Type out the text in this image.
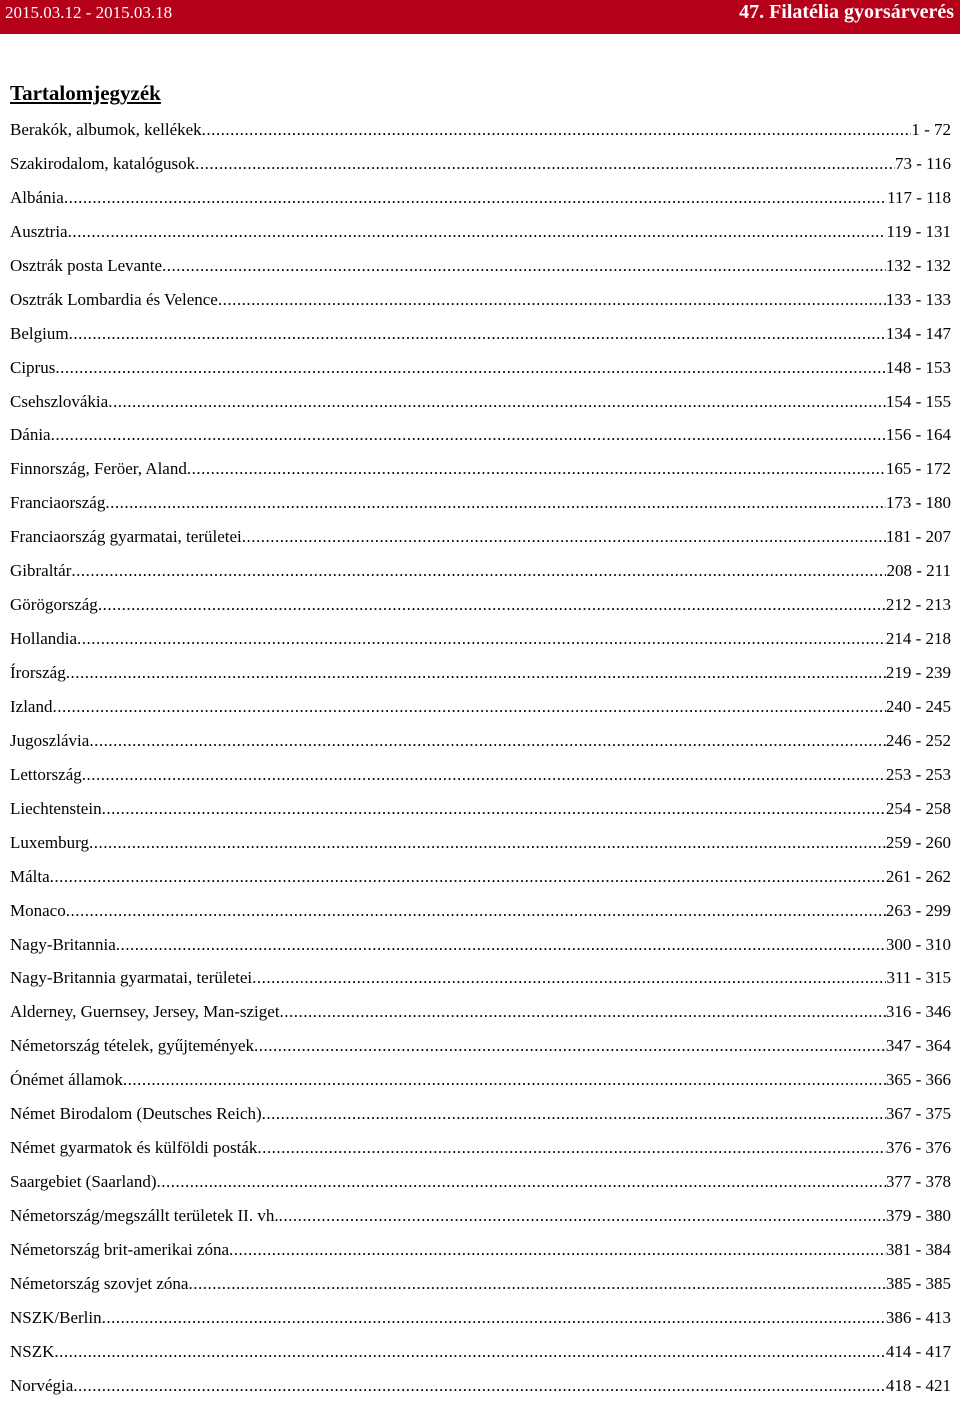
2015.03.12 - 2015.03.18	47. Filatélia gyorsárverés
Tartalomjegyzék
Berakók, albumok, kellékek .....	1 - 72
Szakirodalom, katalógusok .....	73 - 116
Albánia .....	117 - 118
Ausztria .....	119 - 131
Osztrák posta Levante .....	132 - 132
Osztrák Lombardia és Velence .....	133 - 133
Belgium .....	134 - 147
Ciprus .....	148 - 153
Csehszlovákia .....	154 - 155
Dánia .....	156 - 164
Finnország, Feröer, Aland .....	165 - 172
Franciaország .....	173 - 180
Franciaország gyarmatai, területei .....	181 - 207
Gibraltár .....	208 - 211
Görögország .....	212 - 213
Hollandia .....	214 - 218
Írország .....	219 - 239
Izland .....	240 - 245
Jugoszlávia .....	246 - 252
Lettország .....	253 - 253
Liechtenstein .....	254 - 258
Luxemburg .....	259 - 260
Málta .....	261 - 262
Monaco .....	263 - 299
Nagy-Britannia .....	300 - 310
Nagy-Britannia gyarmatai, területei .....	311 - 315
Alderney, Guernsey, Jersey, Man-sziget .....	316 - 346
Németország tételek, gyűjtemények .....	347 - 364
Ónémet államok .....	365 - 366
Német Birodalom (Deutsches Reich) .....	367 - 375
Német gyarmatok és külföldi posták .....	376 - 376
Saargebiet (Saarland) .....	377 - 378
Németország/megszállt területek II. vh. .....	379 - 380
Németország brit-amerikai zóna .....	381 - 384
Németország szovjet zóna .....	385 - 385
NSZK/Berlin .....	386 - 413
NSZK .....	414 - 417
Norvégia .....	418 - 421
